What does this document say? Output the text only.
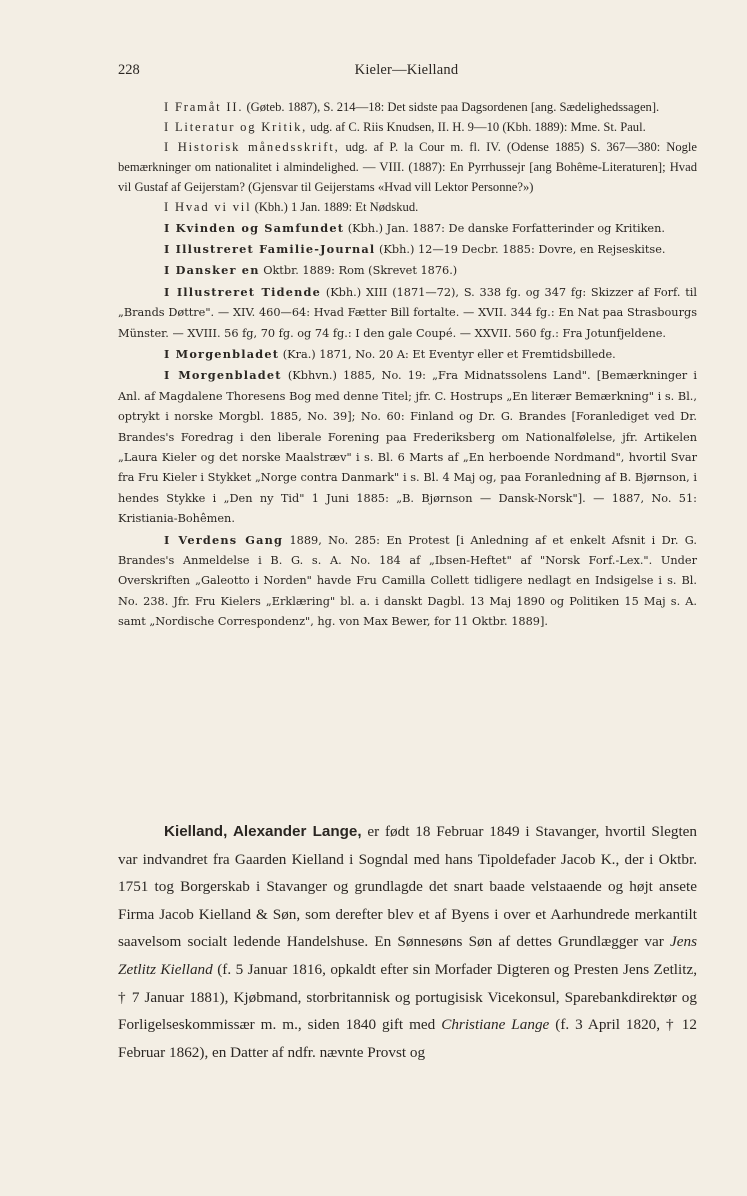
228	Kieler—Kielland

I Framåt II. (Gøteb. 1887), S. 214—18: Det sidste paa Dagsordenen [ang. Sædelighedssagen].

I Literatur og Kritik, udg. af C. Riis Knudsen, II. H. 9—10 (Kbh. 1889): Mme. St. Paul.

I Historisk månedsskrift, udg. af P. la Cour m. fl. IV. (Odense 1885) S. 367—380: Nogle bemærkninger om nationalitet i almindelighed. — VIII. (1887): En Pyrrhussejr [ang Bohême-Literaturen]; Hvad vil Gustaf af Geijerstam? (Gjensvar til Geijerstams «Hvad vill Lektor Personne?»)

I Hvad vi vil (Kbh.) 1 Jan. 1889: Et Nødskud.

I Kvinden og Samfundet (Kbh.) Jan. 1887: De danske Forfatterinder og Kritiken.

I Illustreret Familie-Journal (Kbh.) 12—19 Decbr. 1885: Dovre, en Rejseskitse.

I Dansker en Oktbr. 1889: Rom (Skrevet 1876.)

I Illustreret Tidende (Kbh.) XIII (1871—72), S. 338 fg. og 347 fg: Skizzer af Forf. til „Brands Døttre". — XIV. 460—64: Hvad Fætter Bill fortalte. — XVII. 344 fg.: En Nat paa Strasbourgs Münster. — XVIII. 56 fg, 70 fg. og 74 fg.: I den gale Coupé. — XXVII. 560 fg.: Fra Jotunfjeldene.

I Morgenbladet (Kra.) 1871, No. 20 A: Et Eventyr eller et Fremtidsbillede.

I Morgenbladet (Kbhvn.) 1885, No. 19: „Fra Midnatssolens Land". [Bemærkninger i Anl. af Magdalene Thoresens Bog med denne Titel; jfr. C. Hostrups „En literær Bemærkning" i s. Bl., optrykt i norske Morgbl. 1885, No. 39]; No. 60: Finland og Dr. G. Brandes [Foranlediget ved Dr. Brandes's Foredrag i den liberale Forening paa Frederiksberg om Nationalfølelse, jfr. Artikelen „Laura Kieler og det norske Maalstræv" i s. Bl. 6 Marts af „En herboende Nordmand", hvortil Svar fra Fru Kieler i Stykket „Norge contra Danmark" i s. Bl. 4 Maj og, paa Foranledning af B. Bjørnson, i hendes Stykke i „Den ny Tid" 1 Juni 1885: „B. Bjørnson — Dansk-Norsk"]. — 1887, No. 51: Kristiania-Bohêmen.

I Verdens Gang 1889, No. 285: En Protest [i Anledning af et enkelt Afsnit i Dr. G. Brandes's Anmeldelse i B. G. s. A. No. 184 af „Ibsen-Heftet" af "Norsk Forf.-Lex.". Under Overskriften „Galeotto i Norden" havde Fru Camilla Collett tidligere nedlagt en Indsigelse i s. Bl. No. 238. Jfr. Fru Kielers „Erklæring" bl. a. i danskt Dagbl. 13 Maj 1890 og Politiken 15 Maj s. A. samt „Nordische Correspondenz", hg. von Max Bewer, for 11 Oktbr. 1889].

Kielland, Alexander Lange, er født 18 Februar 1849 i Stavanger, hvortil Slegten var indvandret fra Gaarden Kielland i Sogndal med hans Tipoldefader Jacob K., der i Oktbr. 1751 tog Borgerskab i Stavanger og grundlagde det snart baade velstaaende og højt ansete Firma Jacob Kielland & Søn, som derefter blev et af Byens i over et Aarhundrede merkantilt saavelsom socialt ledende Handelshuse. En Sønnesøns Søn af dettes Grundlægger var Jens Zetlitz Kielland (f. 5 Januar 1816, opkaldt efter sin Morfader Digteren og Presten Jens Zetlitz, † 7 Januar 1881), Kjøbmand, storbritannisk og portugisisk Vicekonsul, Sparebankdirektør og Forligelseskommissær m. m., siden 1840 gift med Christiane Lange (f. 3 April 1820, † 12 Februar 1862), en Datter af ndfr. nævnte Provst og
